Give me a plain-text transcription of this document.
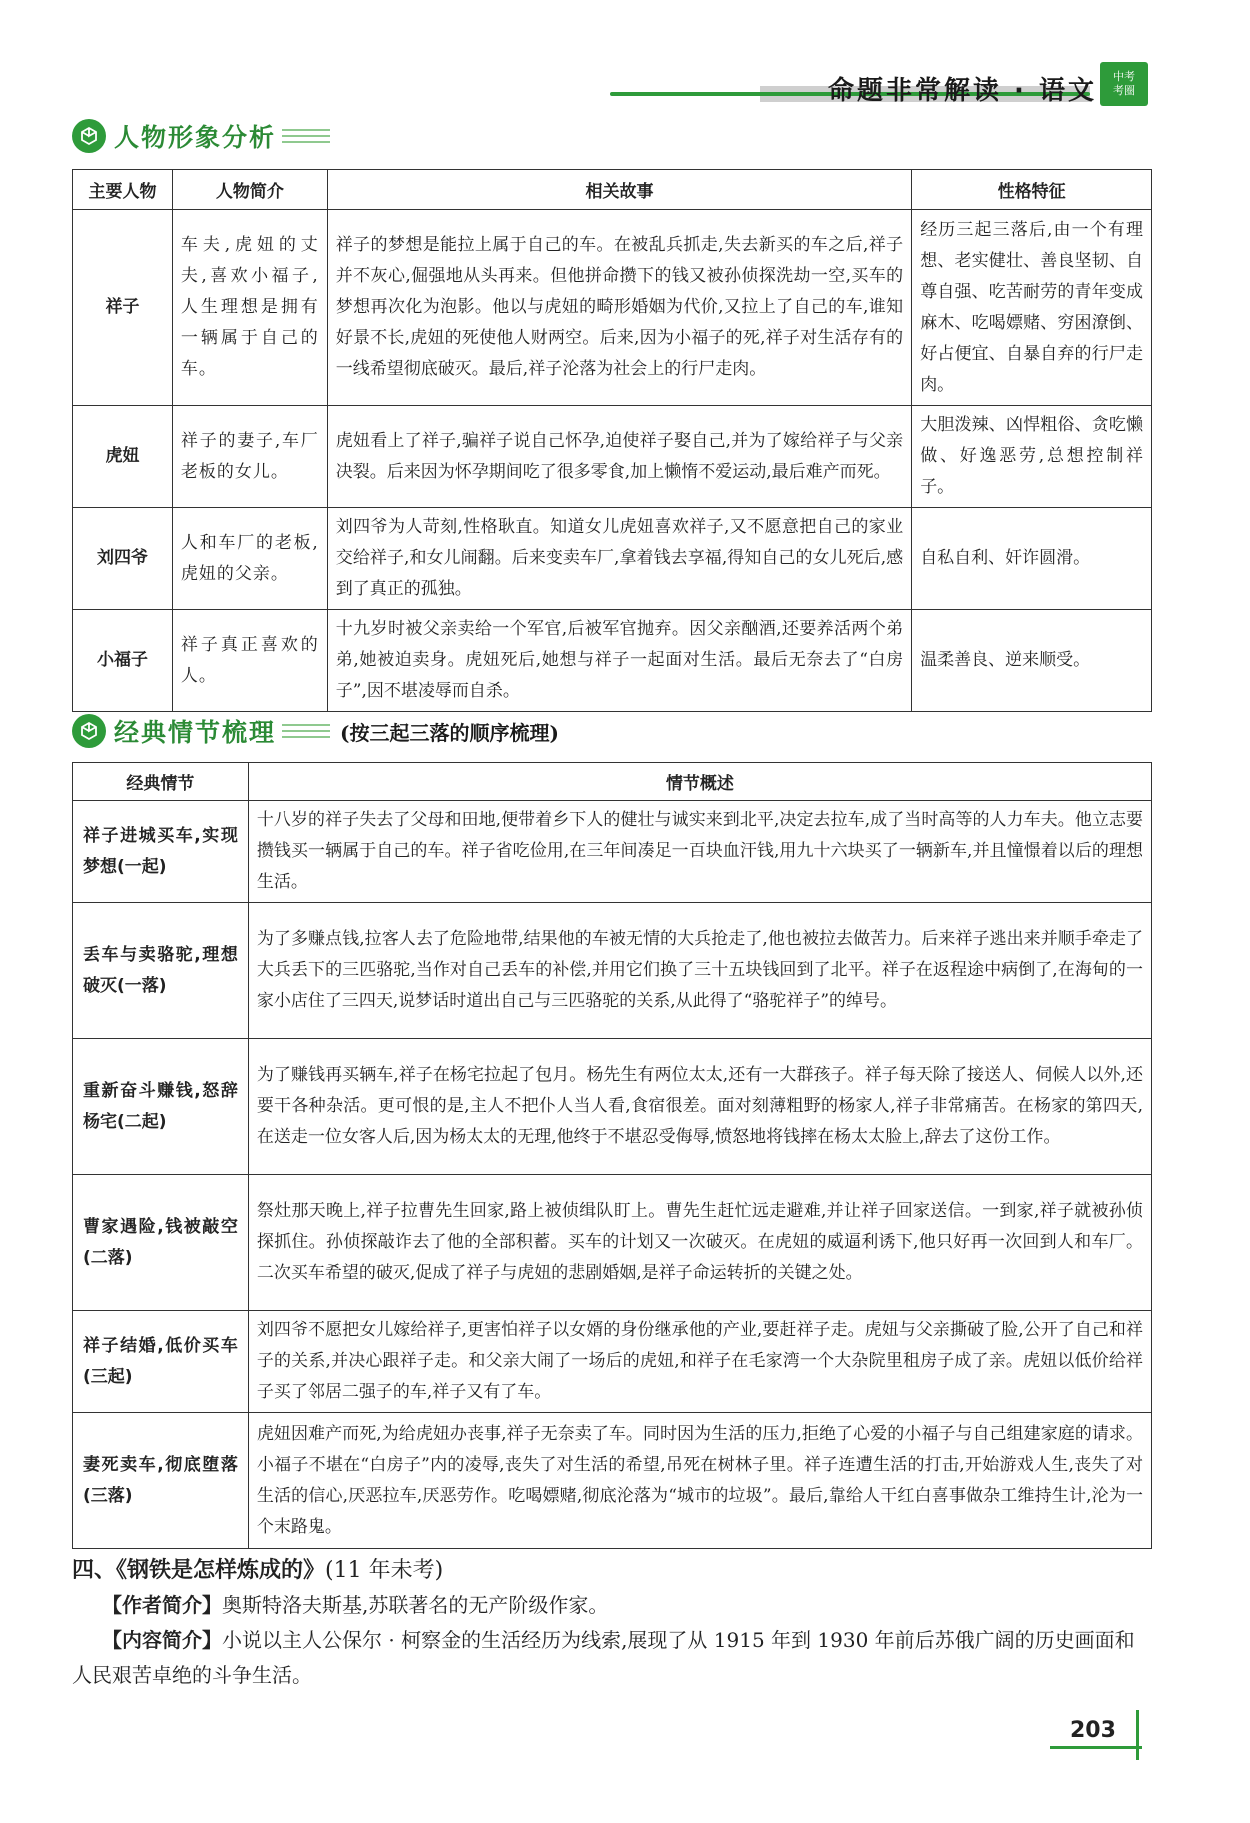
命题非常解读 · 语文	中考
考圈
人物形象分析
主要人物	人物简介	相关故事	性格特征
祥子	车夫,虎妞的丈夫,喜欢小福子,人生理想是拥有一辆属于自己的车。	祥子的梦想是能拉上属于自己的车。在被乱兵抓走,失去新买的车之后,祥子并不灰心,倔强地从头再来。但他拼命攒下的钱又被孙侦探洗劫一空,买车的梦想再次化为泡影。他以与虎妞的畸形婚姻为代价,又拉上了自己的车,谁知好景不长,虎妞的死使他人财两空。后来,因为小福子的死,祥子对生活存有的一线希望彻底破灭。最后,祥子沦落为社会上的行尸走肉。	经历三起三落后,由一个有理想、老实健壮、善良坚韧、自尊自强、吃苦耐劳的青年变成麻木、吃喝嫖赌、穷困潦倒、好占便宜、自暴自弃的行尸走肉。
虎妞	祥子的妻子,车厂老板的女儿。	虎妞看上了祥子,骗祥子说自己怀孕,迫使祥子娶自己,并为了嫁给祥子与父亲决裂。后来因为怀孕期间吃了很多零食,加上懒惰不爱运动,最后难产而死。	大胆泼辣、凶悍粗俗、贪吃懒做、好逸恶劳,总想控制祥子。
刘四爷	人和车厂的老板,虎妞的父亲。	刘四爷为人苛刻,性格耿直。知道女儿虎妞喜欢祥子,又不愿意把自己的家业交给祥子,和女儿闹翻。后来变卖车厂,拿着钱去享福,得知自己的女儿死后,感到了真正的孤独。	自私自利、奸诈圆滑。
小福子	祥子真正喜欢的人。	十九岁时被父亲卖给一个军官,后被军官抛弃。因父亲酗酒,还要养活两个弟弟,她被迫卖身。虎妞死后,她想与祥子一起面对生活。最后无奈去了“白房子”,因不堪凌辱而自杀。	温柔善良、逆来顺受。
经典情节梳理	(按三起三落的顺序梳理)
经典情节	情节概述
祥子进城买车,实现梦想(一起)	十八岁的祥子失去了父母和田地,便带着乡下人的健壮与诚实来到北平,决定去拉车,成了当时高等的人力车夫。他立志要攒钱买一辆属于自己的车。祥子省吃俭用,在三年间凑足一百块血汗钱,用九十六块买了一辆新车,并且憧憬着以后的理想生活。
丢车与卖骆驼,理想破灭(一落)	为了多赚点钱,拉客人去了危险地带,结果他的车被无情的大兵抢走了,他也被拉去做苦力。后来祥子逃出来并顺手牵走了大兵丢下的三匹骆驼,当作对自己丢车的补偿,并用它们换了三十五块钱回到了北平。祥子在返程途中病倒了,在海甸的一家小店住了三四天,说梦话时道出自己与三匹骆驼的关系,从此得了“骆驼祥子”的绰号。
重新奋斗赚钱,怒辞杨宅(二起)	为了赚钱再买辆车,祥子在杨宅拉起了包月。杨先生有两位太太,还有一大群孩子。祥子每天除了接送人、伺候人以外,还要干各种杂活。更可恨的是,主人不把仆人当人看,食宿很差。面对刻薄粗野的杨家人,祥子非常痛苦。在杨家的第四天,在送走一位女客人后,因为杨太太的无理,他终于不堪忍受侮辱,愤怒地将钱摔在杨太太脸上,辞去了这份工作。
曹家遇险,钱被敲空(二落)	祭灶那天晚上,祥子拉曹先生回家,路上被侦缉队盯上。曹先生赶忙远走避难,并让祥子回家送信。一到家,祥子就被孙侦探抓住。孙侦探敲诈去了他的全部积蓄。买车的计划又一次破灭。在虎妞的威逼利诱下,他只好再一次回到人和车厂。二次买车希望的破灭,促成了祥子与虎妞的悲剧婚姻,是祥子命运转折的关键之处。
祥子结婚,低价买车(三起)	刘四爷不愿把女儿嫁给祥子,更害怕祥子以女婿的身份继承他的产业,要赶祥子走。虎妞与父亲撕破了脸,公开了自己和祥子的关系,并决心跟祥子走。和父亲大闹了一场后的虎妞,和祥子在毛家湾一个大杂院里租房子成了亲。虎妞以低价给祥子买了邻居二强子的车,祥子又有了车。
妻死卖车,彻底堕落(三落)	虎妞因难产而死,为给虎妞办丧事,祥子无奈卖了车。同时因为生活的压力,拒绝了心爱的小福子与自己组建家庭的请求。小福子不堪在“白房子”内的凌辱,丧失了对生活的希望,吊死在树林子里。祥子连遭生活的打击,开始游戏人生,丧失了对生活的信心,厌恶拉车,厌恶劳作。吃喝嫖赌,彻底沦落为“城市的垃圾”。最后,靠给人干红白喜事做杂工维持生计,沦为一个末路鬼。
四、《钢铁是怎样炼成的》(11 年未考)

【作者简介】奥斯特洛夫斯基,苏联著名的无产阶级作家。

【内容简介】小说以主人公保尔 · 柯察金的生活经历为线索,展现了从 1915 年到 1930 年前后苏俄广阔的历史画面和人民艰苦卓绝的斗争生活。

203
